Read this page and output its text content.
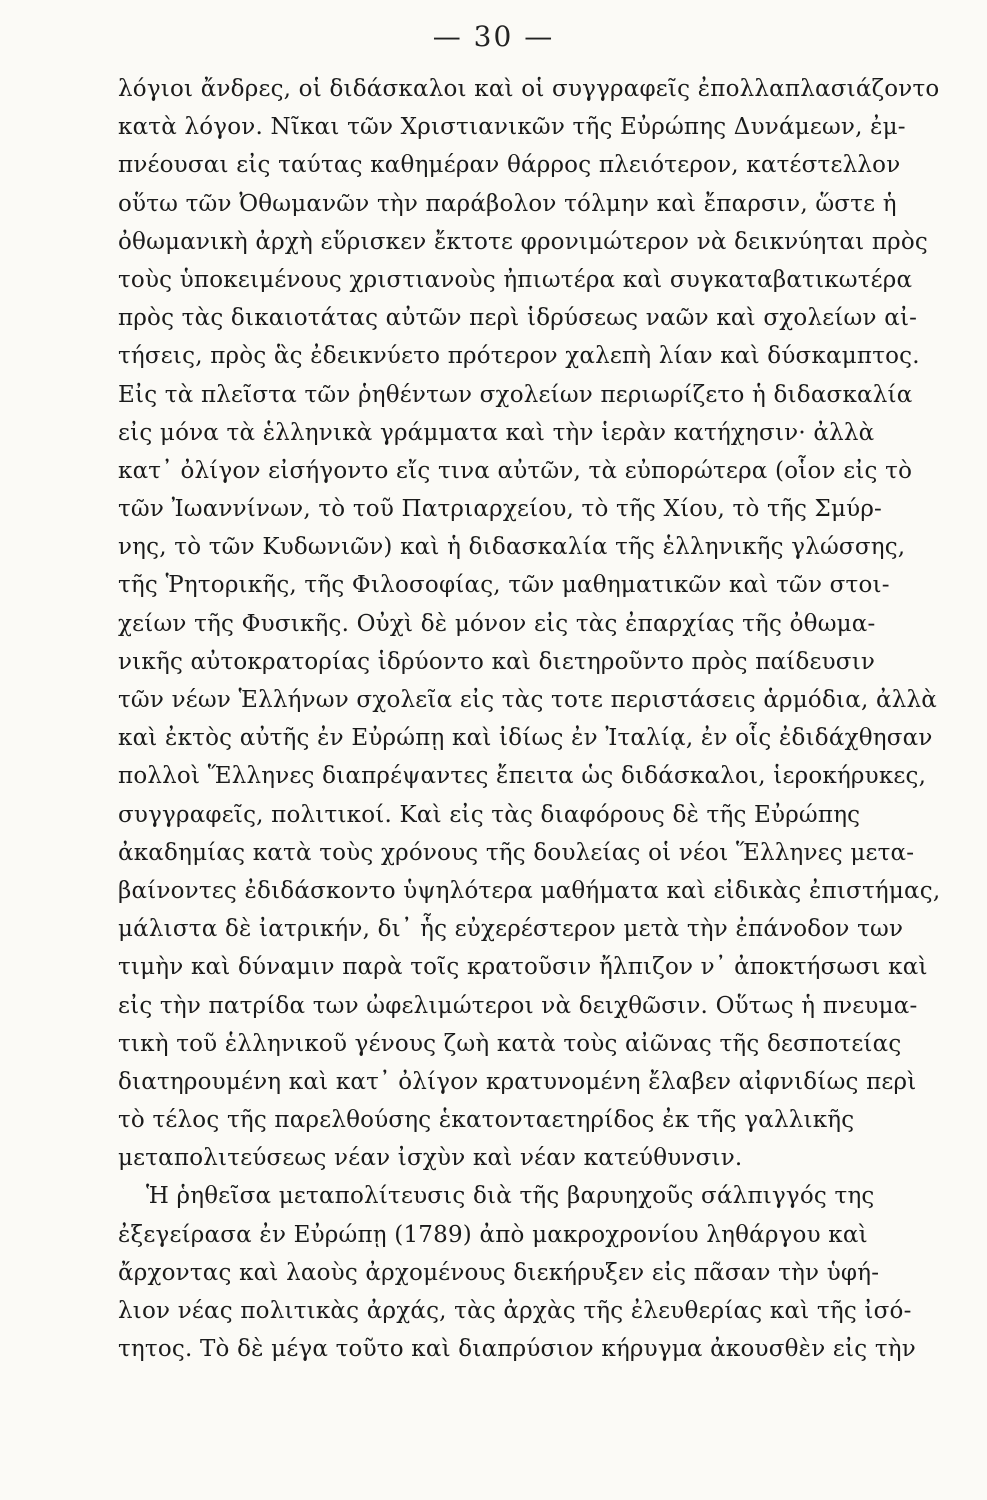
— 30 —
λόγιοι ἄνδρες, οἱ διδάσκαλοι καὶ οἱ συγγραφεῖς ἐπολλαπλασιάζοντο
κατὰ λόγον. Νῖκαι τῶν Χριστιανικῶν τῆς Εὐρώπης Δυνάμεων, ἐμ-
πνέουσαι εἰς ταύτας καθημέραν θάρρος πλειότερον, κατέστελλον
οὕτω τῶν Ὀθωμανῶν τὴν παράβολον τόλμην καὶ ἔπαρσιν, ὥστε ἡ
ὀθωμανικὴ ἀρχὴ εὕρισκεν ἔκτοτε φρονιμώτερον νὰ δεικνύηται πρὸς
τοὺς ὑποκειμένους χριστιανοὺς ἠπιωτέρα καὶ συγκαταβατικωτέρα
πρὸς τὰς δικαιοτάτας αὐτῶν περὶ ἱδρύσεως ναῶν καὶ σχολείων αἰ-
τήσεις, πρὸς ἃς ἐδεικνύετο πρότερον χαλεπὴ λίαν καὶ δύσκαμπτος.
Εἰς τὰ πλεῖστα τῶν ῥηθέντων σχολείων περιωρίζετο ἡ διδασκαλία
εἰς μόνα τὰ ἑλληνικὰ γράμματα καὶ τὴν ἱερὰν κατήχησιν· ἀλλὰ
κατ᾽ ὀλίγον εἰσήγοντο εἴς τινα αὐτῶν, τὰ εὐπορώτερα (οἷον εἰς τὸ
τῶν Ἰωαννίνων, τὸ τοῦ Πατριαρχείου, τὸ τῆς Χίου, τὸ τῆς Σμύρ-
νης, τὸ τῶν Κυδωνιῶν) καὶ ἡ διδασκαλία τῆς ἑλληνικῆς γλώσσης,
τῆς Ῥητορικῆς, τῆς Φιλοσοφίας, τῶν μαθηματικῶν καὶ τῶν στοι-
χείων τῆς Φυσικῆς. Οὐχὶ δὲ μόνον εἰς τὰς ἐπαρχίας τῆς ὀθωμα-
νικῆς αὐτοκρατορίας ἱδρύοντο καὶ διετηροῦντο πρὸς παίδευσιν
τῶν νέων Ἑλλήνων σχολεῖα εἰς τὰς τοτε περιστάσεις ἁρμόδια, ἀλλὰ
καὶ ἐκτὸς αὐτῆς ἐν Εὐρώπῃ καὶ ἰδίως ἐν Ἰταλίᾳ, ἐν οἷς ἐδιδάχθησαν
πολλοὶ Ἕλληνες διαπρέψαντες ἔπειτα ὡς διδάσκαλοι, ἱεροκήρυκες,
συγγραφεῖς, πολιτικοί. Καὶ εἰς τὰς διαφόρους δὲ τῆς Εὐρώπης
ἀκαδημίας κατὰ τοὺς χρόνους τῆς δουλείας οἱ νέοι Ἕλληνες μετα-
βαίνοντες ἐδιδάσκοντο ὑψηλότερα μαθήματα καὶ εἰδικὰς ἐπιστήμας,
μάλιστα δὲ ἰατρικήν, δι᾽ ἧς εὐχερέστερον μετὰ τὴν ἐπάνοδον των
τιμὴν καὶ δύναμιν παρὰ τοῖς κρατοῦσιν ἤλπιζον ν᾽ ἀποκτήσωσι καὶ
εἰς τὴν πατρίδα των ὠφελιμώτεροι νὰ δειχθῶσιν. Οὕτως ἡ πνευμα-
τικὴ τοῦ ἑλληνικοῦ γένους ζωὴ κατὰ τοὺς αἰῶνας τῆς δεσποτείας
διατηρουμένη καὶ κατ᾽ ὀλίγον κρατυνομένη ἔλαβεν αἰφνιδίως περὶ
τὸ τέλος τῆς παρελθούσης ἑκατονταετηρίδος ἐκ τῆς γαλλικῆς
μεταπολιτεύσεως νέαν ἰσχὺν καὶ νέαν κατεύθυνσιν.
Ἡ ῥηθεῖσα μεταπολίτευσις διὰ τῆς βαρυηχοῦς σάλπιγγός της
ἐξεγείρασα ἐν Εὐρώπῃ (1789) ἀπὸ μακροχρονίου ληθάργου καὶ
ἄρχοντας καὶ λαοὺς ἀρχομένους διεκήρυξεν εἰς πᾶσαν τὴν ὑφή-
λιον νέας πολιτικὰς ἀρχάς, τὰς ἀρχὰς τῆς ἐλευθερίας καὶ τῆς ἰσό-
τητος. Τὸ δὲ μέγα τοῦτο καὶ διαπρύσιον κήρυγμα ἀκουσθὲν εἰς τὴν
